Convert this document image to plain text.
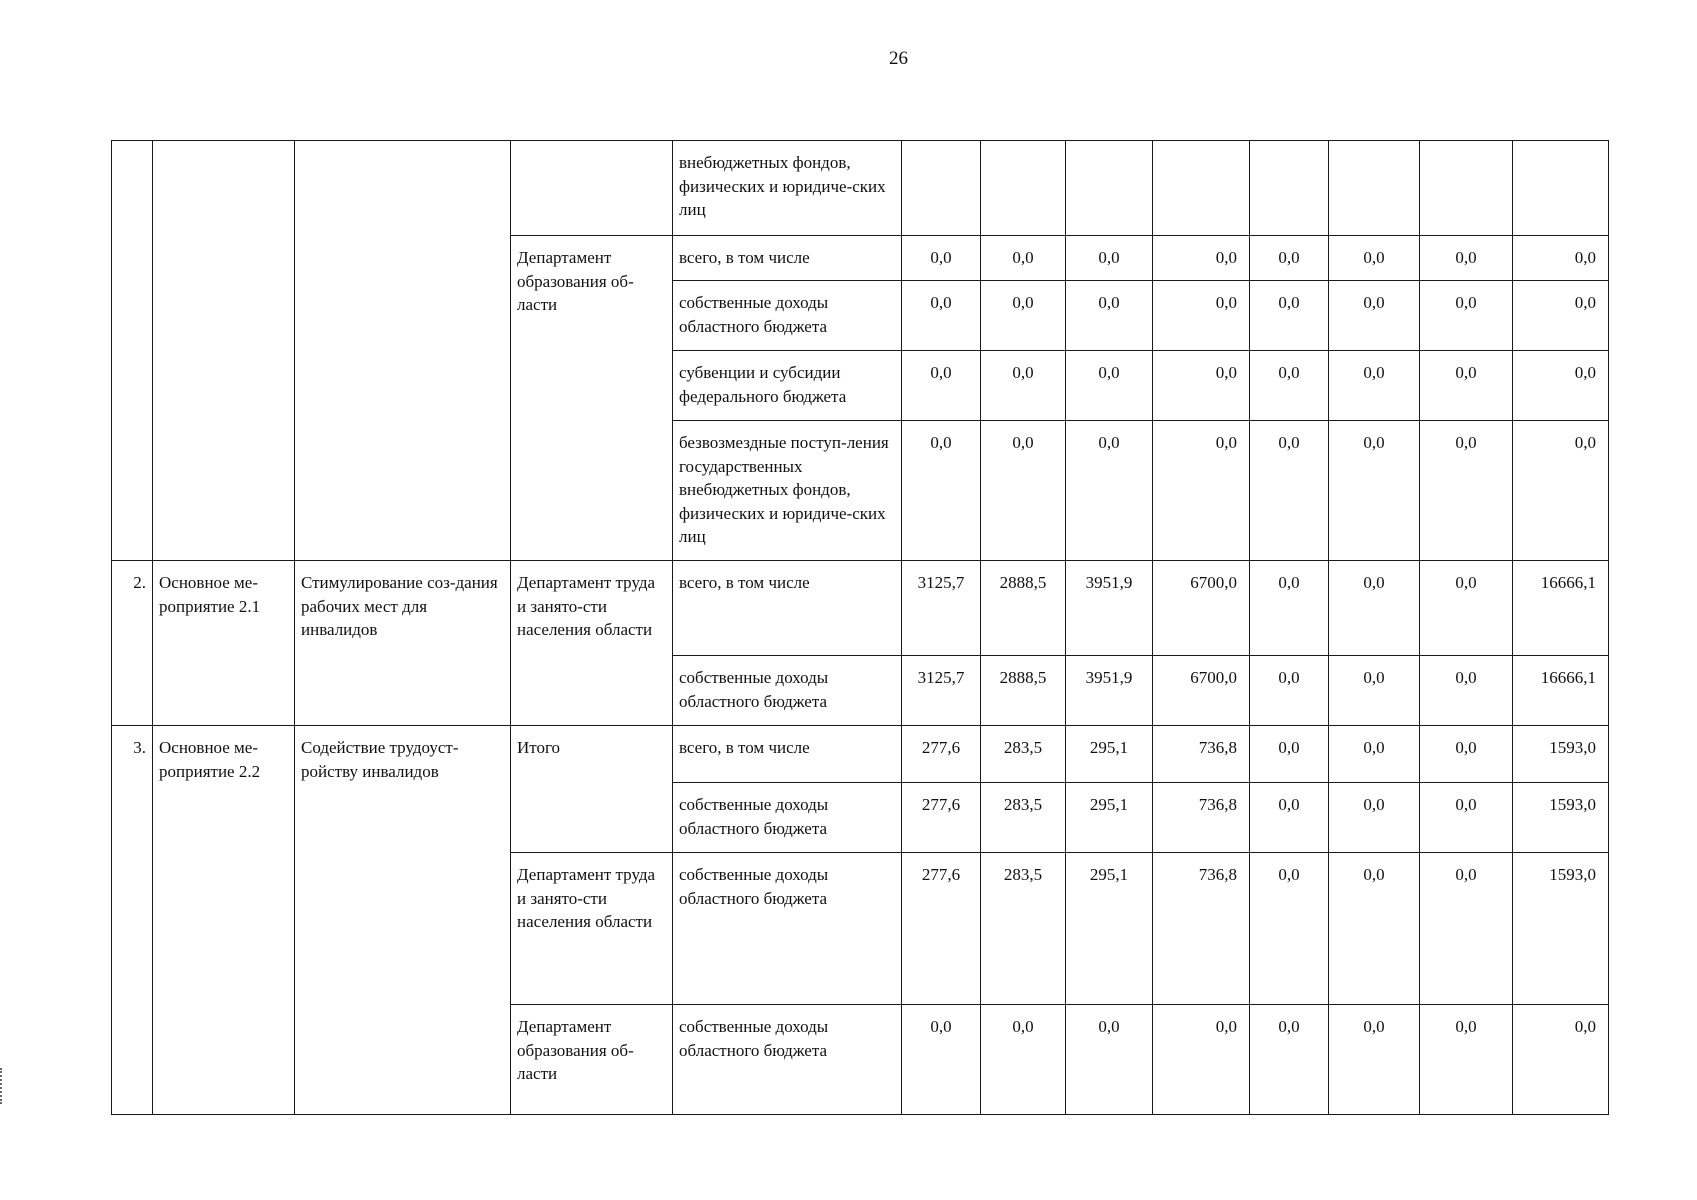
26
				внебюджетных фондов, физических и юридиче-ских лиц								
			Департамент образования об-ласти	всего, в том числе	0,0	0,0	0,0	0,0	0,0	0,0	0,0	0,0
				собственные доходы областного бюджета	0,0	0,0	0,0	0,0	0,0	0,0	0,0	0,0
				субвенции и субсидии федерального бюджета	0,0	0,0	0,0	0,0	0,0	0,0	0,0	0,0
				безвозмездные поступ-ления государственных внебюджетных фондов, физических и юридиче-ских лиц	0,0	0,0	0,0	0,0	0,0	0,0	0,0	0,0
2.	Основное ме-роприятие 2.1	Стимулирование соз-дания рабочих мест для инвалидов	Департамент труда и занято-сти населения области	всего, в том числе	3125,7	2888,5	3951,9	6700,0	0,0	0,0	0,0	16666,1
				собственные доходы областного бюджета	3125,7	2888,5	3951,9	6700,0	0,0	0,0	0,0	16666,1
3.	Основное ме-роприятие 2.2	Содействие трудоуст-ройству инвалидов	Итого	всего, в том числе	277,6	283,5	295,1	736,8	0,0	0,0	0,0	1593,0
				собственные доходы областного бюджета	277,6	283,5	295,1	736,8	0,0	0,0	0,0	1593,0
			Департамент труда и занято-сти населения области	собственные доходы областного бюджета	277,6	283,5	295,1	736,8	0,0	0,0	0,0	1593,0
			Департамент образования об-ласти	собственные доходы областного бюджета	0,0	0,0	0,0	0,0	0,0	0,0	0,0	0,0
